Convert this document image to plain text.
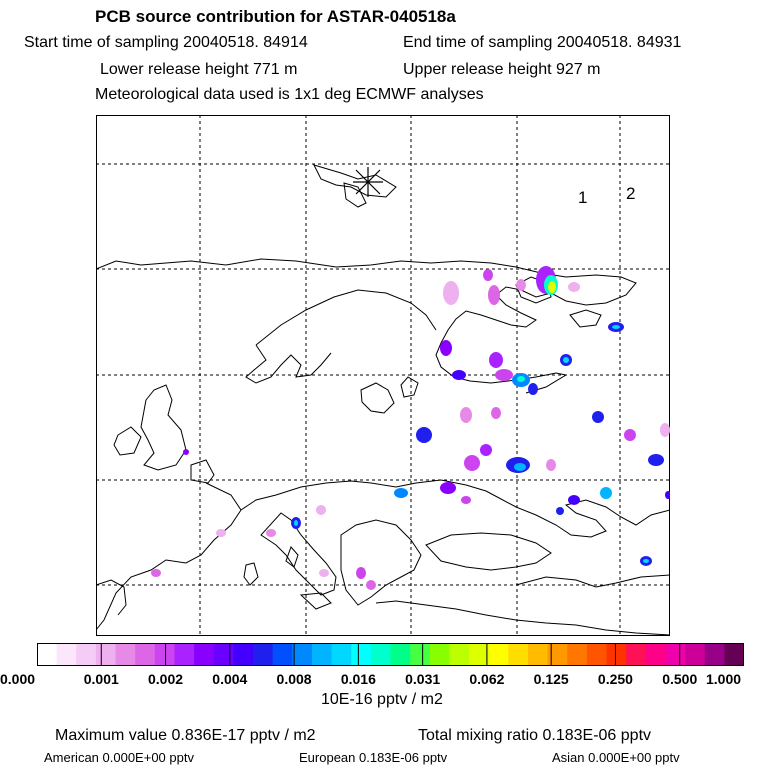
PCB source contribution for ASTAR-040518a
Start time of sampling 20040518. 84914	End time of sampling 20040518. 84931
Lower release height 771 m	Upper release height 927 m
Meteorological data used is 1x1 deg ECMWF analyses
1 2
0.000	0.001 0.002 0.004 0.008 0.016 0.031 0.062 0.125 0.250 0.500 1.000
10E-16 pptv / m2
Maximum value 0.836E-17 pptv / m2	Total mixing ratio 0.183E-06 pptv
American 0.000E+00 pptv	European 0.183E-06 pptv	Asian 0.000E+00 pptv
